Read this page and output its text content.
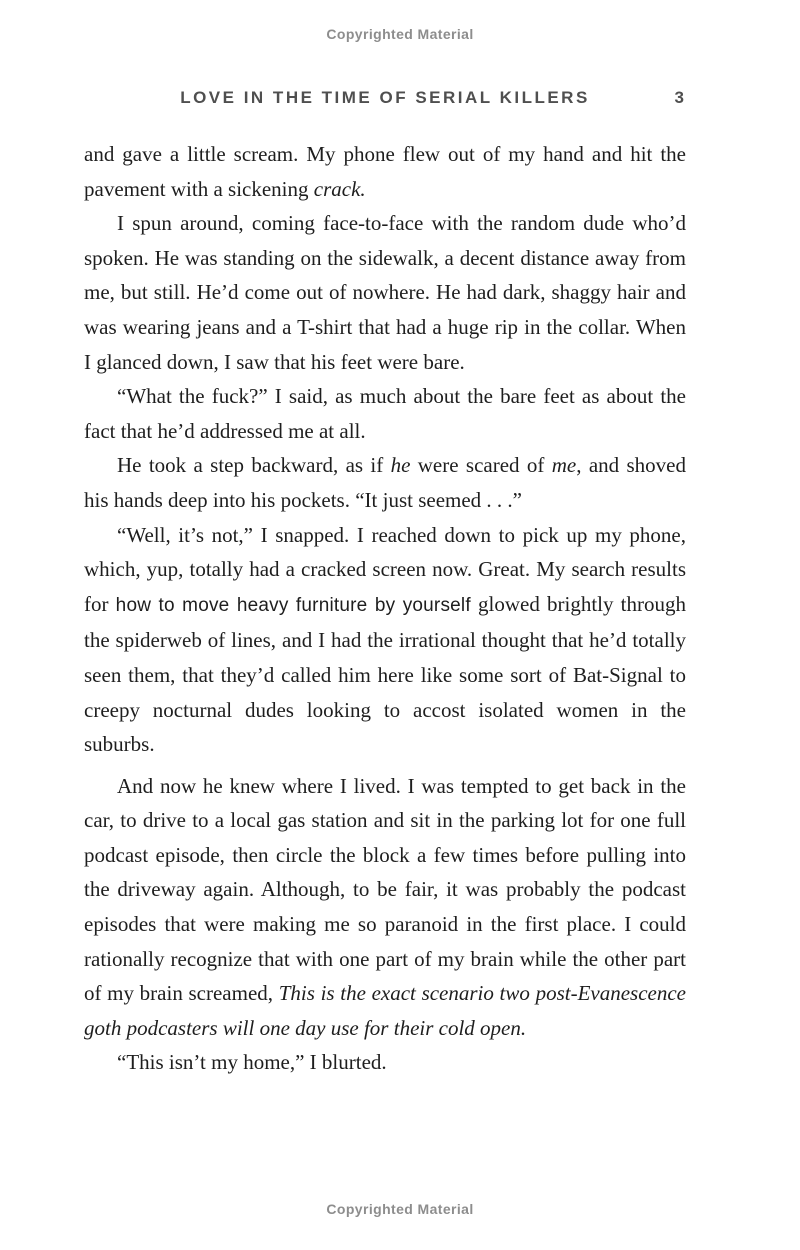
Copyrighted Material
LOVE IN THE TIME OF SERIAL KILLERS	3

and gave a little scream. My phone flew out of my hand and hit the pavement with a sickening crack.

I spun around, coming face-to-face with the random dude who’d spoken. He was standing on the sidewalk, a decent distance away from me, but still. He’d come out of nowhere. He had dark, shaggy hair and was wearing jeans and a T-shirt that had a huge rip in the collar. When I glanced down, I saw that his feet were bare.

“What the fuck?” I said, as much about the bare feet as about the fact that he’d addressed me at all.

He took a step backward, as if he were scared of me, and shoved his hands deep into his pockets. “It just seemed . . .”

“Well, it’s not,” I snapped. I reached down to pick up my phone, which, yup, totally had a cracked screen now. Great. My search results for how to move heavy furniture by yourself glowed brightly through the spiderweb of lines, and I had the irrational thought that he’d totally seen them, that they’d called him here like some sort of Bat-Signal to creepy nocturnal dudes looking to accost isolated women in the suburbs.

And now he knew where I lived. I was tempted to get back in the car, to drive to a local gas station and sit in the parking lot for one full podcast episode, then circle the block a few times before pulling into the driveway again. Although, to be fair, it was probably the podcast episodes that were making me so paranoid in the first place. I could rationally recognize that with one part of my brain while the other part of my brain screamed, This is the exact scenario two post-Evanescence goth podcasters will one day use for their cold open.

“This isn’t my home,” I blurted.

Copyrighted Material
